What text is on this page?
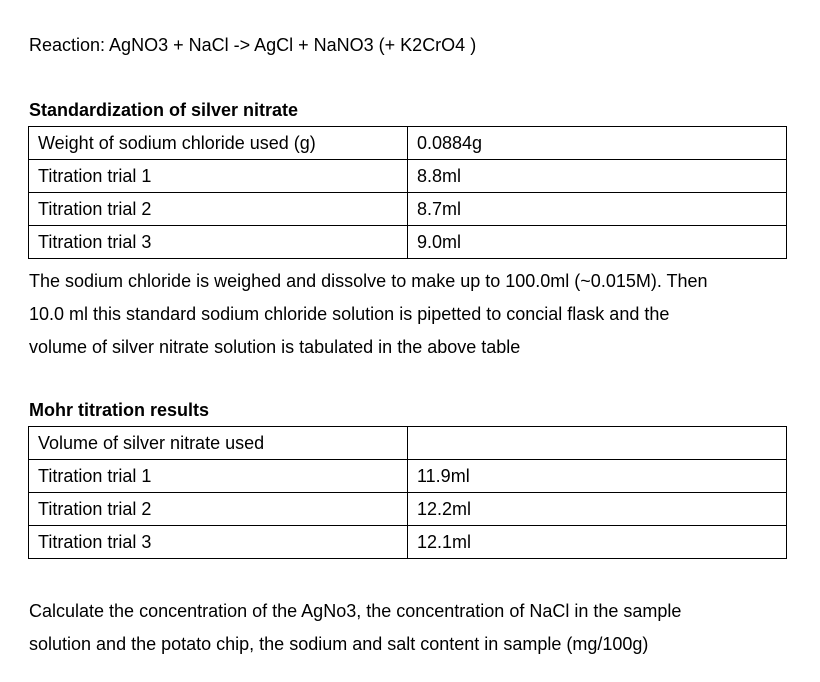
Reaction: AgNO3 + NaCl -> AgCl + NaNO3 (+ K2CrO4 )
Standardization of silver nitrate
Weight of sodium chloride used (g)	0.0884g
Titration trial 1	8.8ml
Titration trial 2	8.7ml
Titration trial 3	9.0ml
The sodium chloride is weighed and dissolve to make up to 100.0ml (~0.015M). Then
10.0 ml this standard sodium chloride solution is pipetted to concial flask and the
volume of silver nitrate solution is tabulated in the above table
Mohr titration results
Volume of silver nitrate used	
Titration trial 1	11.9ml
Titration trial 2	12.2ml
Titration trial 3	12.1ml
Calculate the concentration of the AgNo3, the concentration of NaCl in the sample
solution and the potato chip, the sodium and salt content in sample (mg/100g)
